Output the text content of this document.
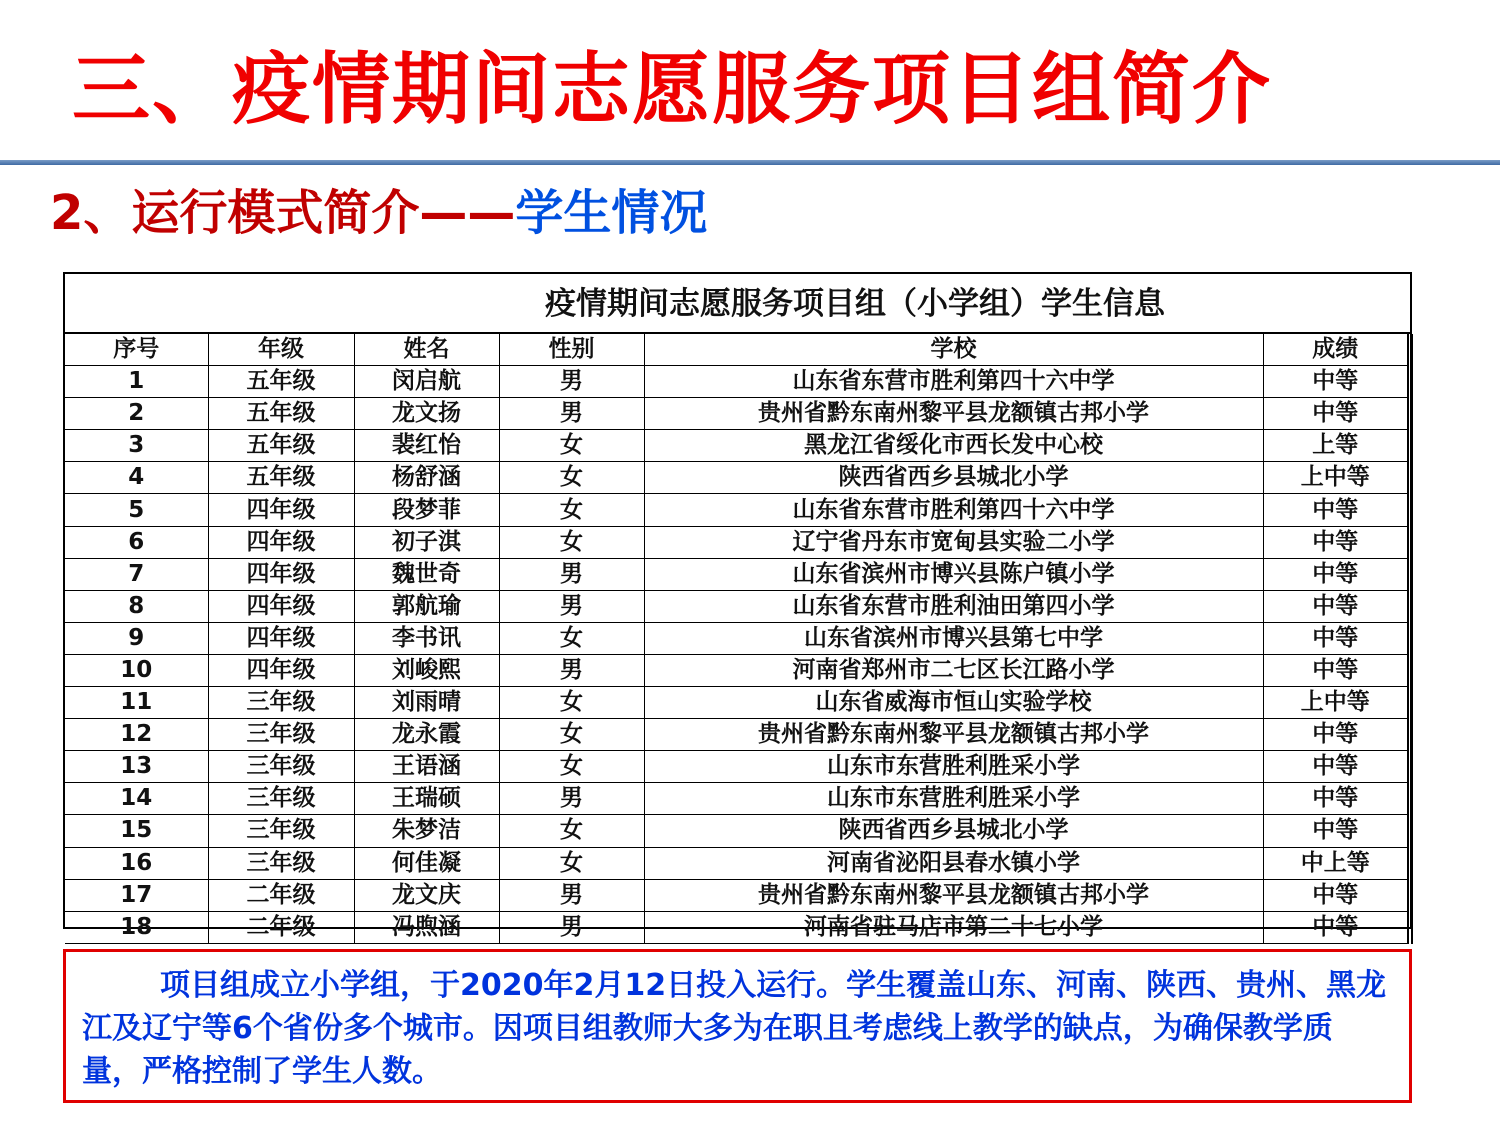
三、疫情期间志愿服务项目组简介
2、运行模式简介——学生情况
疫情期间志愿服务项目组（小学组）学生信息
序号	年级	姓名	性别	学校	成绩
1	五年级	闵启航	男	山东省东营市胜利第四十六中学	中等
2	五年级	龙文扬	男	贵州省黔东南州黎平县龙额镇古邦小学	中等
3	五年级	裴红怡	女	黑龙江省绥化市西长发中心校	上等
4	五年级	杨舒涵	女	陕西省西乡县城北小学	上中等
5	四年级	段梦菲	女	山东省东营市胜利第四十六中学	中等
6	四年级	初子淇	女	辽宁省丹东市宽甸县实验二小学	中等
7	四年级	魏世奇	男	山东省滨州市博兴县陈户镇小学	中等
8	四年级	郭航瑜	男	山东省东营市胜利油田第四小学	中等
9	四年级	李书讯	女	山东省滨州市博兴县第七中学	中等
10	四年级	刘峻熙	男	河南省郑州市二七区长江路小学	中等
11	三年级	刘雨晴	女	山东省威海市恒山实验学校	上中等
12	三年级	龙永霞	女	贵州省黔东南州黎平县龙额镇古邦小学	中等
13	三年级	王语涵	女	山东市东营胜利胜采小学	中等
14	三年级	王瑞硕	男	山东市东营胜利胜采小学	中等
15	三年级	朱梦洁	女	陕西省西乡县城北小学	中等
16	三年级	何佳凝	女	河南省泌阳县春水镇小学	中上等
17	二年级	龙文庆	男	贵州省黔东南州黎平县龙额镇古邦小学	中等
18	二年级	冯煦涵	男	河南省驻马店市第二十七小学	中等
项目组成立小学组，于2020年2月12日投入运行。学生覆盖山东、河南、陕西、贵州、黑龙江及辽宁等6个省份多个城市。因项目组教师大多为在职且考虑线上教学的缺点，为确保教学质量，严格控制了学生人数。
